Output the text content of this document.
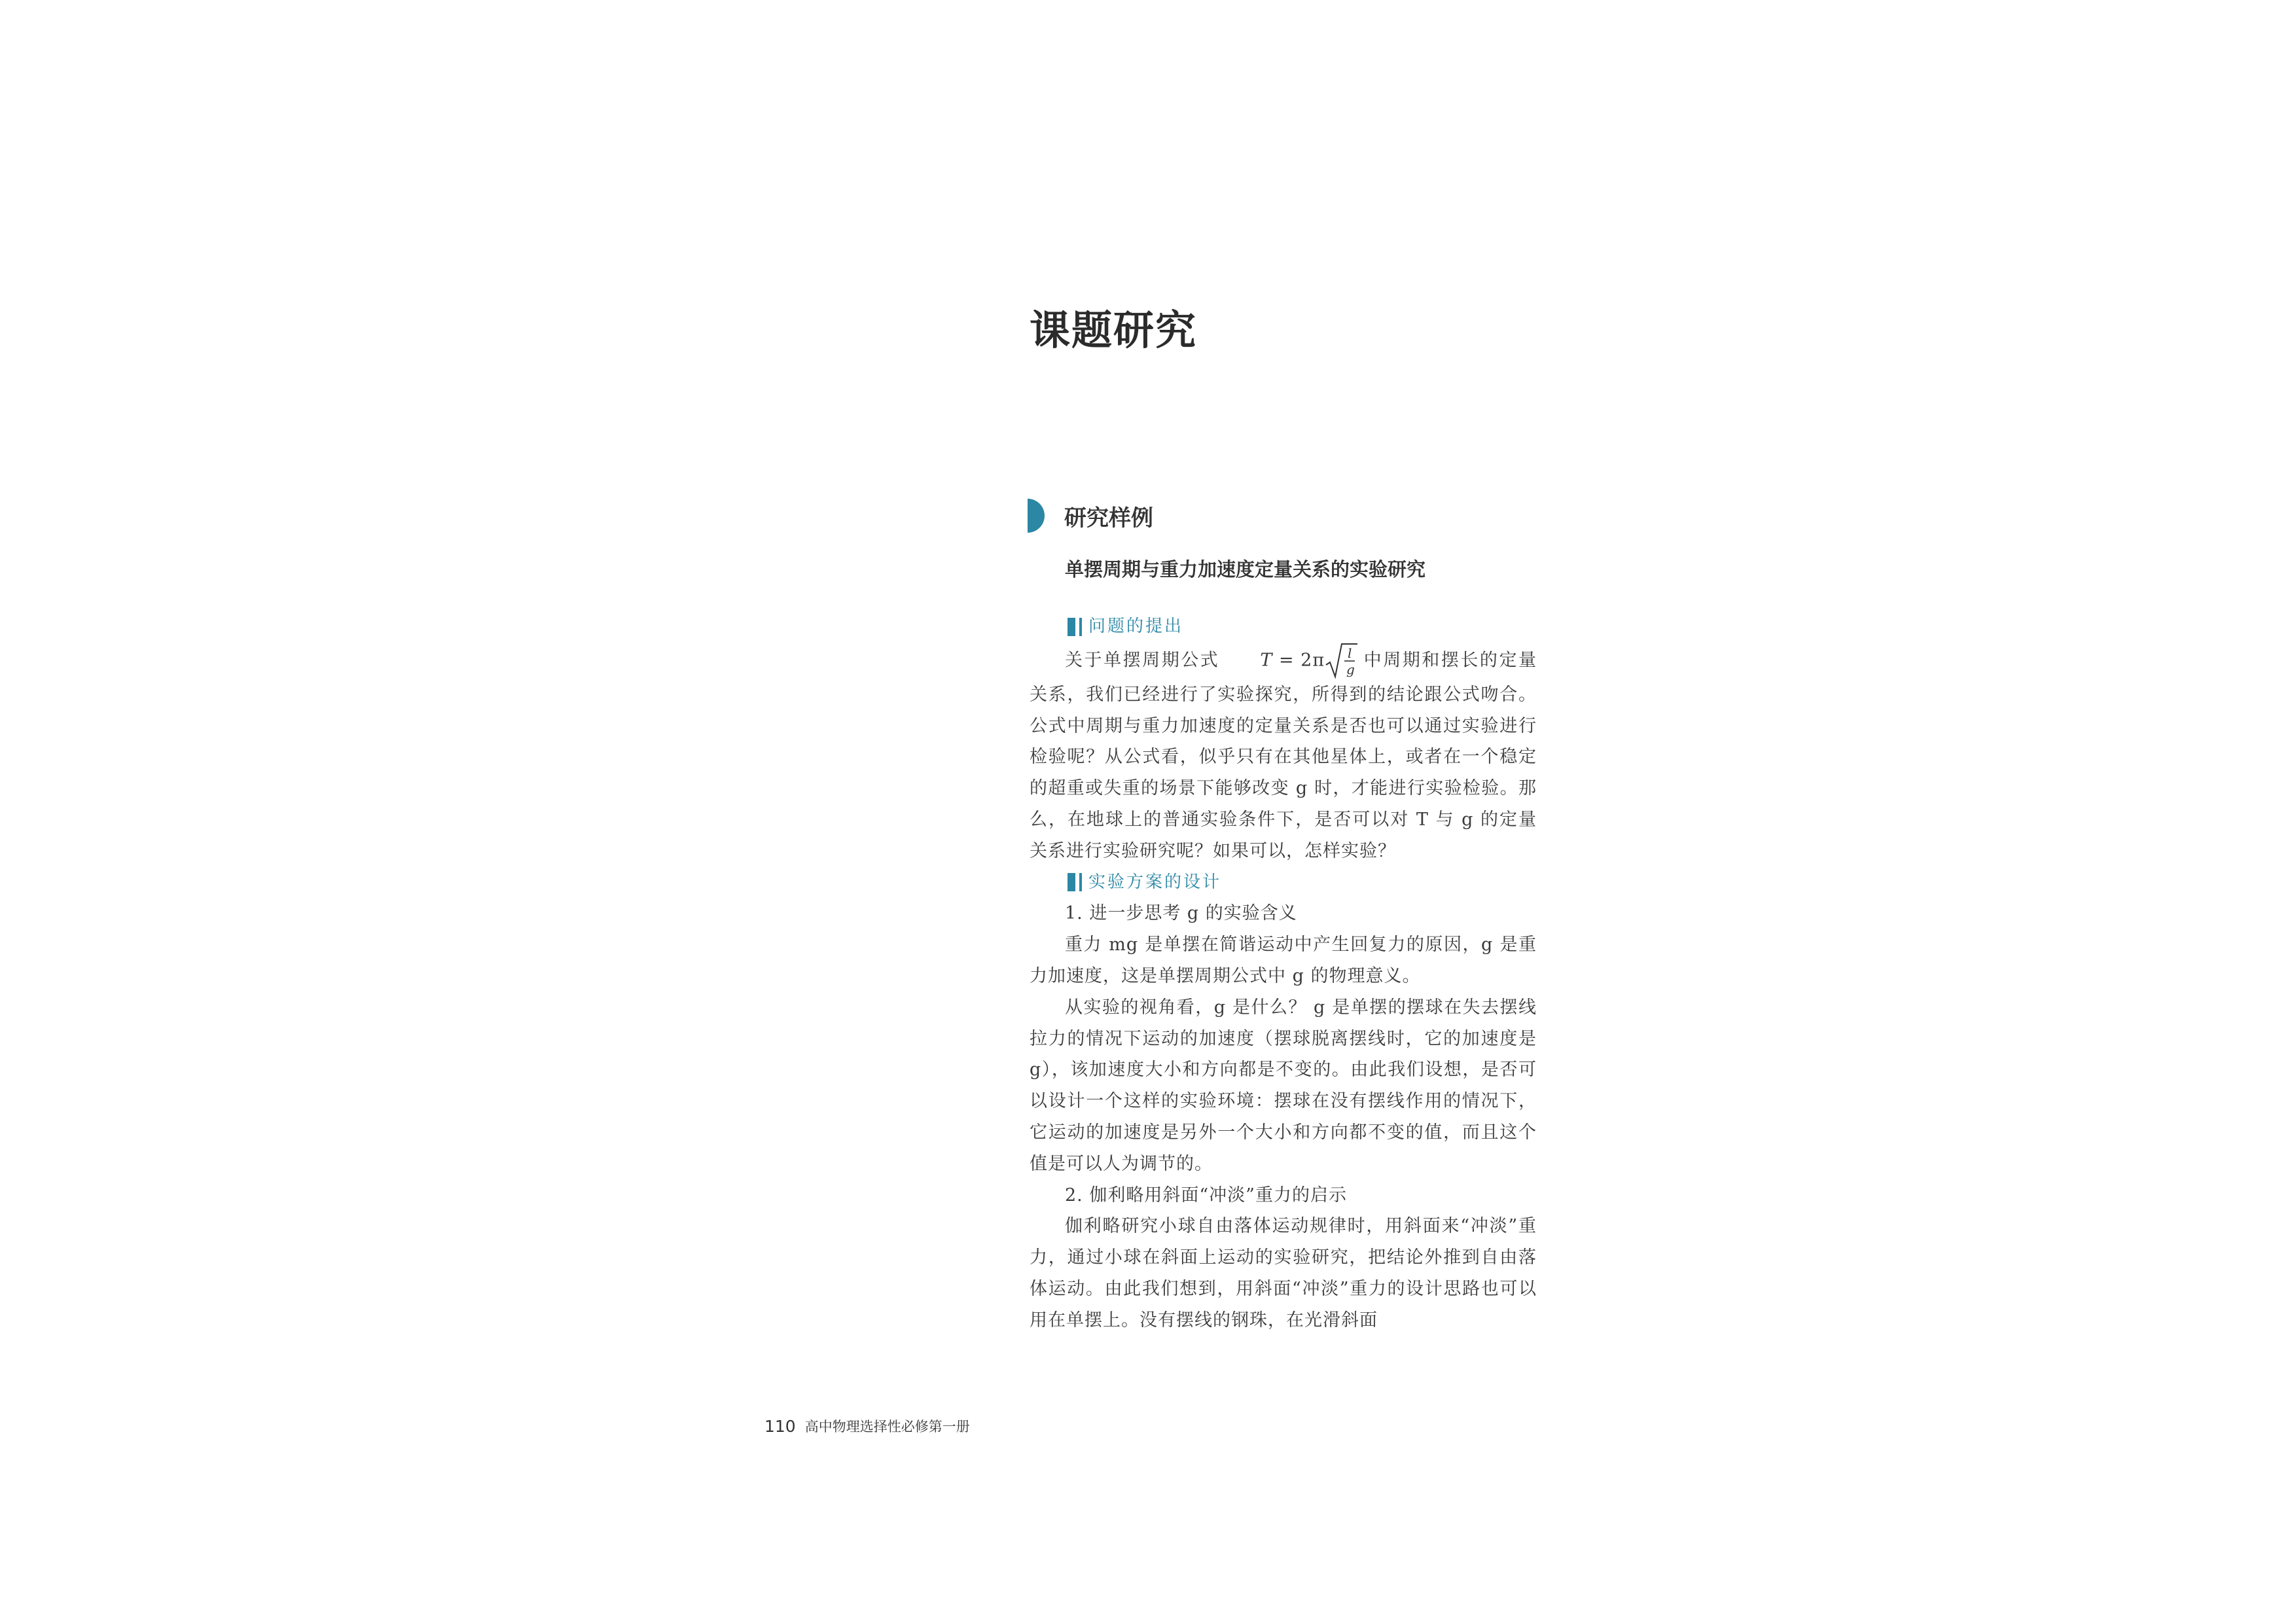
课题研究
研究样例
单摆周期与重力加速度定量关系的实验研究
问题的提出

关于单摆周期公式 T = 2π l
g 中周期和摆长的定量关系，我们已经进行了实验探究，所得到的结论跟公式吻合。公式中周期与重力加速度的定量关系是否也可以通过实验进行检验呢？从公式看，似乎只有在其他星体上，或者在一个稳定的超重或失重的场景下能够改变 g 时，才能进行实验检验。那么，在地球上的普通实验条件下，是否可以对 T 与 g 的定量关系进行实验研究呢？如果可以，怎样实验？

实验方案的设计

1. 进一步思考 g 的实验含义

重力 mg 是单摆在简谐运动中产生回复力的原因，g 是重力加速度，这是单摆周期公式中 g 的物理意义。

从实验的视角看，g 是什么？ g 是单摆的摆球在失去摆线拉力的情况下运动的加速度（摆球脱离摆线时，它的加速度是 g），该加速度大小和方向都是不变的。由此我们设想，是否可以设计一个这样的实验环境：摆球在没有摆线作用的情况下，它运动的加速度是另外一个大小和方向都不变的值，而且这个值是可以人为调节的。

2. 伽利略用斜面“冲淡”重力的启示

伽利略研究小球自由落体运动规律时，用斜面来“冲淡”重力，通过小球在斜面上运动的实验研究，把结论外推到自由落体运动。由此我们想到，用斜面“冲淡”重力的设计思路也可以用在单摆上。没有摆线的钢珠，在光滑斜面

110 高中物理选择性必修第一册
